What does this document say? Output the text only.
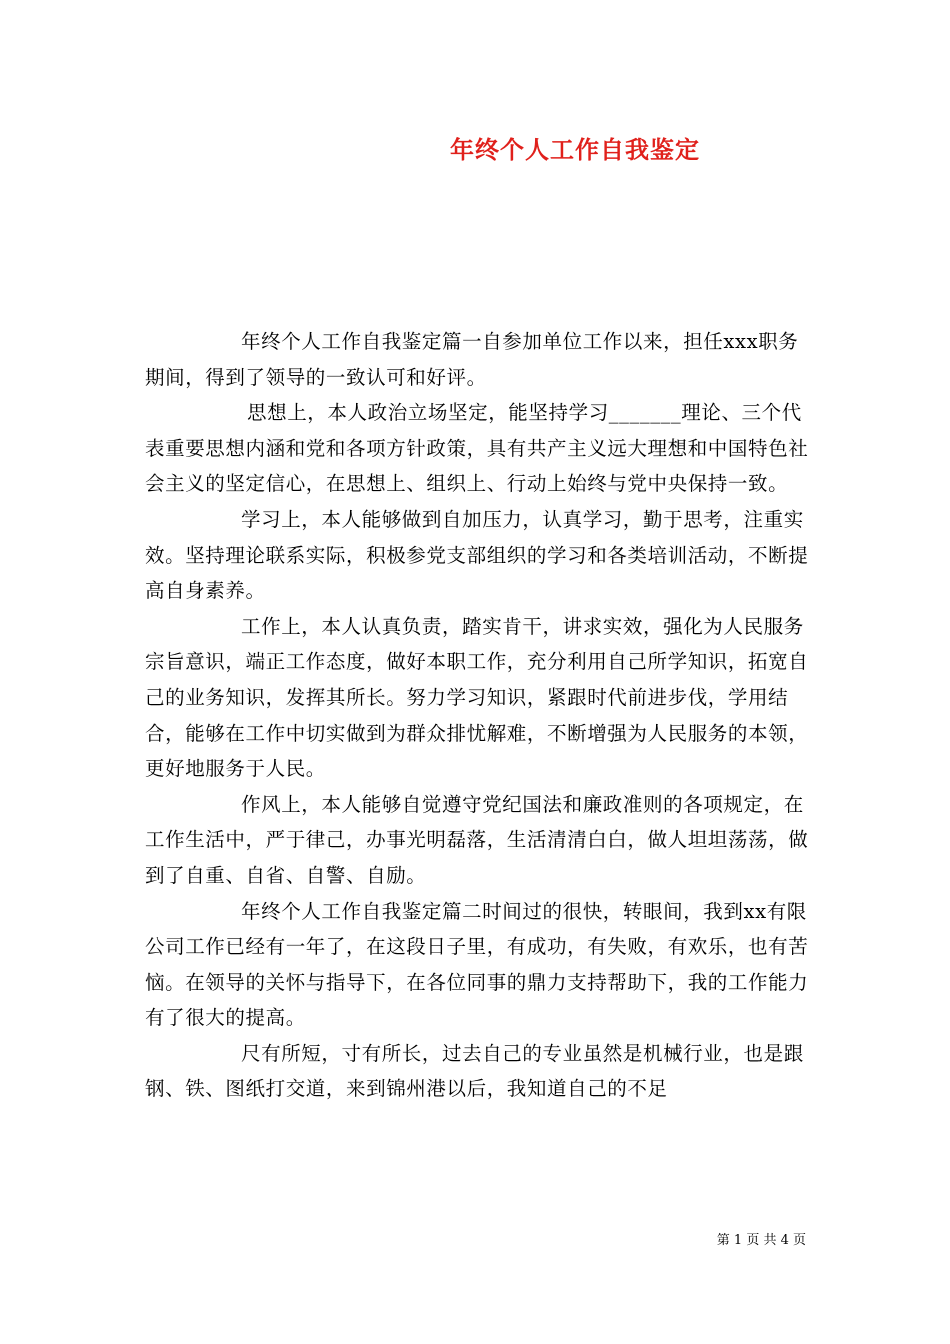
年终个人工作自我鉴定

年终个人工作自我鉴定篇一自参加单位工作以来，担任xxx职务期间，得到了领导的一致认可和好评。

思想上，本人政治立场坚定，能坚持学习_______理论、三个代表重要思想内涵和党和各项方针政策，具有共产主义远大理想和中国特色社会主义的坚定信心，在思想上、组织上、行动上始终与党中央保持一致。

学习上，本人能够做到自加压力，认真学习，勤于思考，注重实效。坚持理论联系实际，积极参党支部组织的学习和各类培训活动，不断提高自身素养。

工作上，本人认真负责，踏实肯干，讲求实效，强化为人民服务宗旨意识，端正工作态度，做好本职工作，充分利用自己所学知识，拓宽自己的业务知识，发挥其所长。努力学习知识，紧跟时代前进步伐，学用结合，能够在工作中切实做到为群众排忧解难，不断增强为人民服务的本领，更好地服务于人民。

作风上，本人能够自觉遵守党纪国法和廉政准则的各项规定，在工作生活中，严于律己，办事光明磊落，生活清清白白，做人坦坦荡荡，做到了自重、自省、自警、自励。

年终个人工作自我鉴定篇二时间过的很快，转眼间，我到xx有限公司工作已经有一年了，在这段日子里，有成功，有失败，有欢乐，也有苦恼。在领导的关怀与指导下，在各位同事的鼎力支持帮助下，我的工作能力有了很大的提高。

尺有所短，寸有所长，过去自己的专业虽然是机械行业，也是跟钢、铁、图纸打交道，来到锦州港以后，我知道自己的不足

第 1 页 共 4 页
